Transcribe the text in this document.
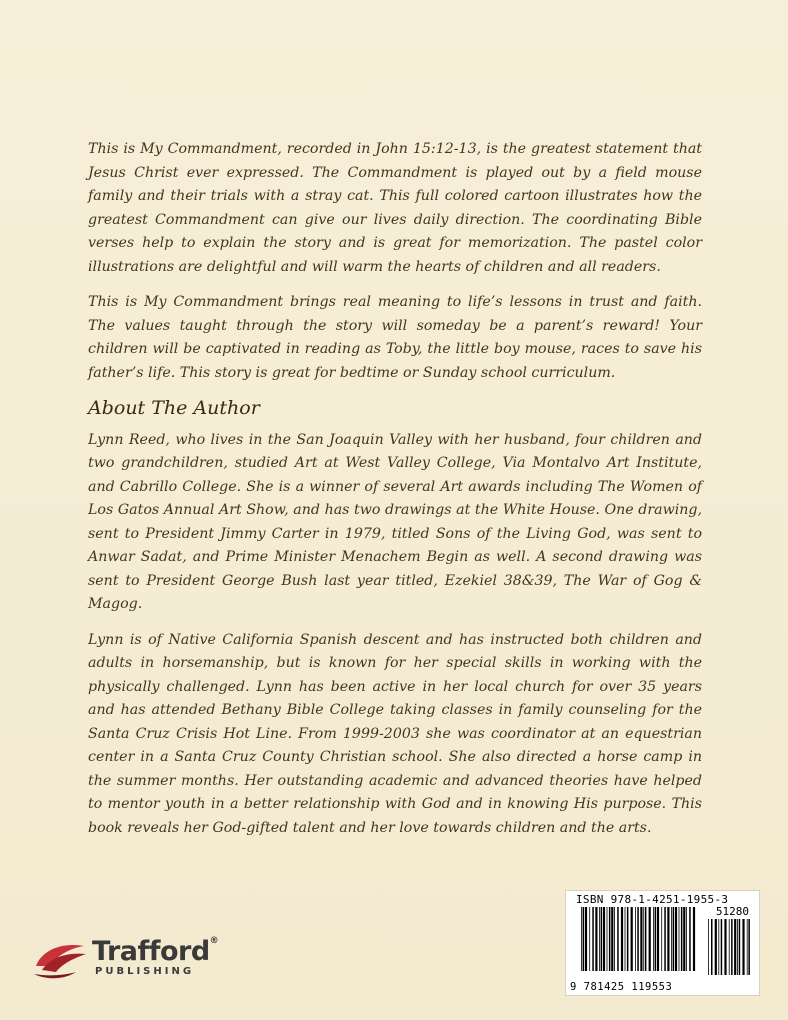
This is My Commandment, recorded in John 15:12-13, is the greatest statement that Jesus Christ ever expressed. The Commandment is played out by a field mouse family and their trials with a stray cat. This full colored cartoon illustrates how the greatest Commandment can give our lives daily direction. The coordinating Bible verses help to explain the story and is great for memorization. The pastel color illustrations are delightful and will warm the hearts of children and all readers.

This is My Commandment brings real meaning to life’s lessons in trust and faith. The values taught through the story will someday be a parent’s reward! Your children will be captivated in reading as Toby, the little boy mouse, races to save his father’s life. This story is great for bedtime or Sunday school curriculum.

About The Author

Lynn Reed, who lives in the San Joaquin Valley with her husband, four children and two grandchildren, studied Art at West Valley College, Via Montalvo Art Institute, and Cabrillo College. She is a winner of several Art awards including The Women of Los Gatos Annual Art Show, and has two drawings at the White House. One drawing, sent to President Jimmy Carter in 1979, titled Sons of the Living God, was sent to Anwar Sadat, and Prime Minister Menachem Begin as well. A second drawing was sent to President George Bush last year titled, Ezekiel 38&39, The War of Gog & Magog.

Lynn is of Native California Spanish descent and has instructed both children and adults in horsemanship, but is known for her special skills in working with the physically challenged. Lynn has been active in her local church for over 35 years and has attended Bethany Bible College taking classes in family counseling for the Santa Cruz Crisis Hot Line. From 1999-2003 she was coordinator at an equestrian center in a Santa Cruz County Christian school. She also directed a horse camp in the summer months. Her outstanding academic and advanced theories have helped to mentor youth in a better relationship with God and in knowing His purpose. This book reveals her God-gifted talent and her love towards children and the arts.

Trafford®
PUBLISHING
ISBN 978-1-4251-1955-3
51280
9 781425 119553
